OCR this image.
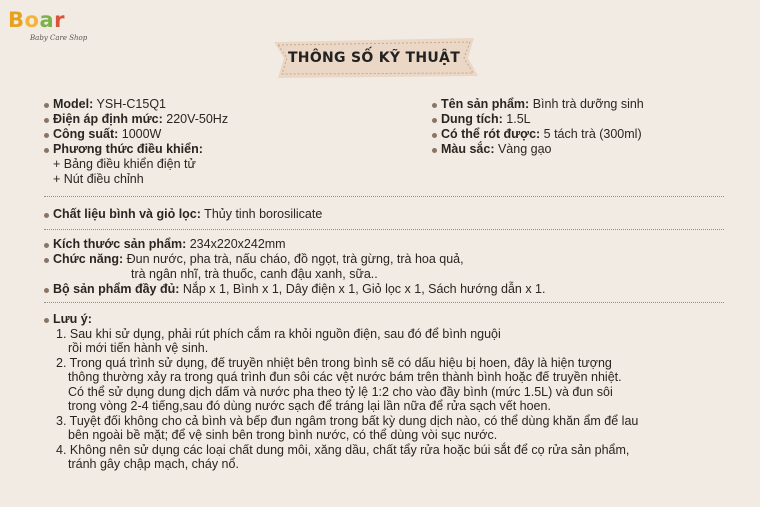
Boar
Baby Care Shop
THÔNG SỐ KỸ THUẬT
Model: YSH-C15Q1
Điện áp định mức: 220V-50Hz
Công suất: 1000W
Phương thức điều khiển:
+ Bảng điều khiển điện tử
+ Nút điều chỉnh
Tên sản phẩm: Bình trà dưỡng sinh
Dung tích: 1.5L
Có thể rót được: 5 tách trà (300ml)
Màu sắc: Vàng gạo
Chất liệu bình và giỏ lọc: Thủy tinh borosilicate
Kích thước sản phẩm: 234x220x242mm
Chức năng: Đun nước, pha trà, nấu cháo, đồ ngọt, trà gừng, trà hoa quả,
trà ngân nhĩ, trà thuốc, canh đậu xanh, sữa..
Bộ sản phẩm đầy đủ: Nắp x 1, Bình x 1, Dây điện x 1, Giỏ lọc x 1, Sách hướng dẫn x 1.
Lưu ý:
1. Sau khi sử dụng, phải rút phích cắm ra khỏi nguồn điện, sau đó để bình nguội
rồi mới tiến hành vệ sinh.
2. Trong quá trình sử dụng, đế truyền nhiệt bên trong bình sẽ có dấu hiệu bị hoen, đây là hiện tượng
thông thường xảy ra trong quá trình đun sôi các vệt nước bám trên thành bình hoặc đế truyền nhiệt.
Có thể sử dụng dung dịch dấm và nước pha theo tỷ lệ 1:2 cho vào đầy bình (mức 1.5L) và đun sôi
trong vòng 2-4 tiếng,sau đó dùng nước sạch để tráng lại lần nữa để rửa sạch vết hoen.
3. Tuyệt đối không cho cả bình và bếp đun ngâm trong bất kỳ dung dịch nào, có thể dùng khăn ẩm để lau
bên ngoài bề mặt; để vệ sinh bên trong bình nước, có thể dùng vòi sục nước.
4. Không nên sử dụng các loại chất dung môi, xăng dầu, chất tẩy rửa hoặc búi sắt để cọ rửa sản phẩm,
tránh gây chập mạch, cháy nổ.
